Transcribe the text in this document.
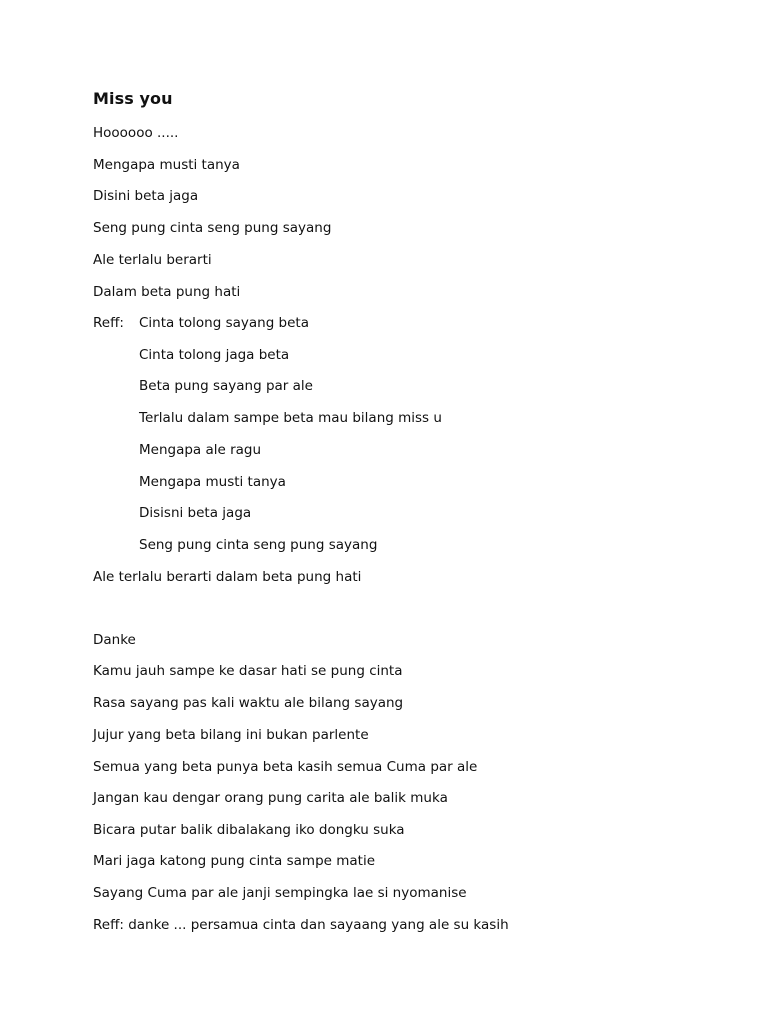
Miss you
Hoooooo .....
Mengapa musti tanya
Disini beta jaga
Seng pung cinta seng pung sayang
Ale terlalu berarti
Dalam beta pung hati
Reff: Cinta tolong sayang beta
Cinta tolong jaga beta
Beta pung sayang par ale
Terlalu dalam sampe beta mau bilang miss u
Mengapa ale ragu
Mengapa musti tanya
Disisni beta jaga
Seng pung cinta seng pung sayang
Ale terlalu berarti dalam beta pung hati
Danke
Kamu jauh sampe ke dasar hati se pung cinta
Rasa sayang pas kali waktu ale bilang sayang
Jujur yang beta bilang ini bukan parlente
Semua yang beta punya beta kasih semua Cuma par ale
Jangan kau dengar orang pung carita ale balik muka
Bicara putar balik dibalakang iko dongku suka
Mari jaga katong pung cinta sampe matie
Sayang Cuma par ale janji sempingka lae si nyomanise
Reff: danke ... persamua cinta dan sayaang yang ale su kasih
